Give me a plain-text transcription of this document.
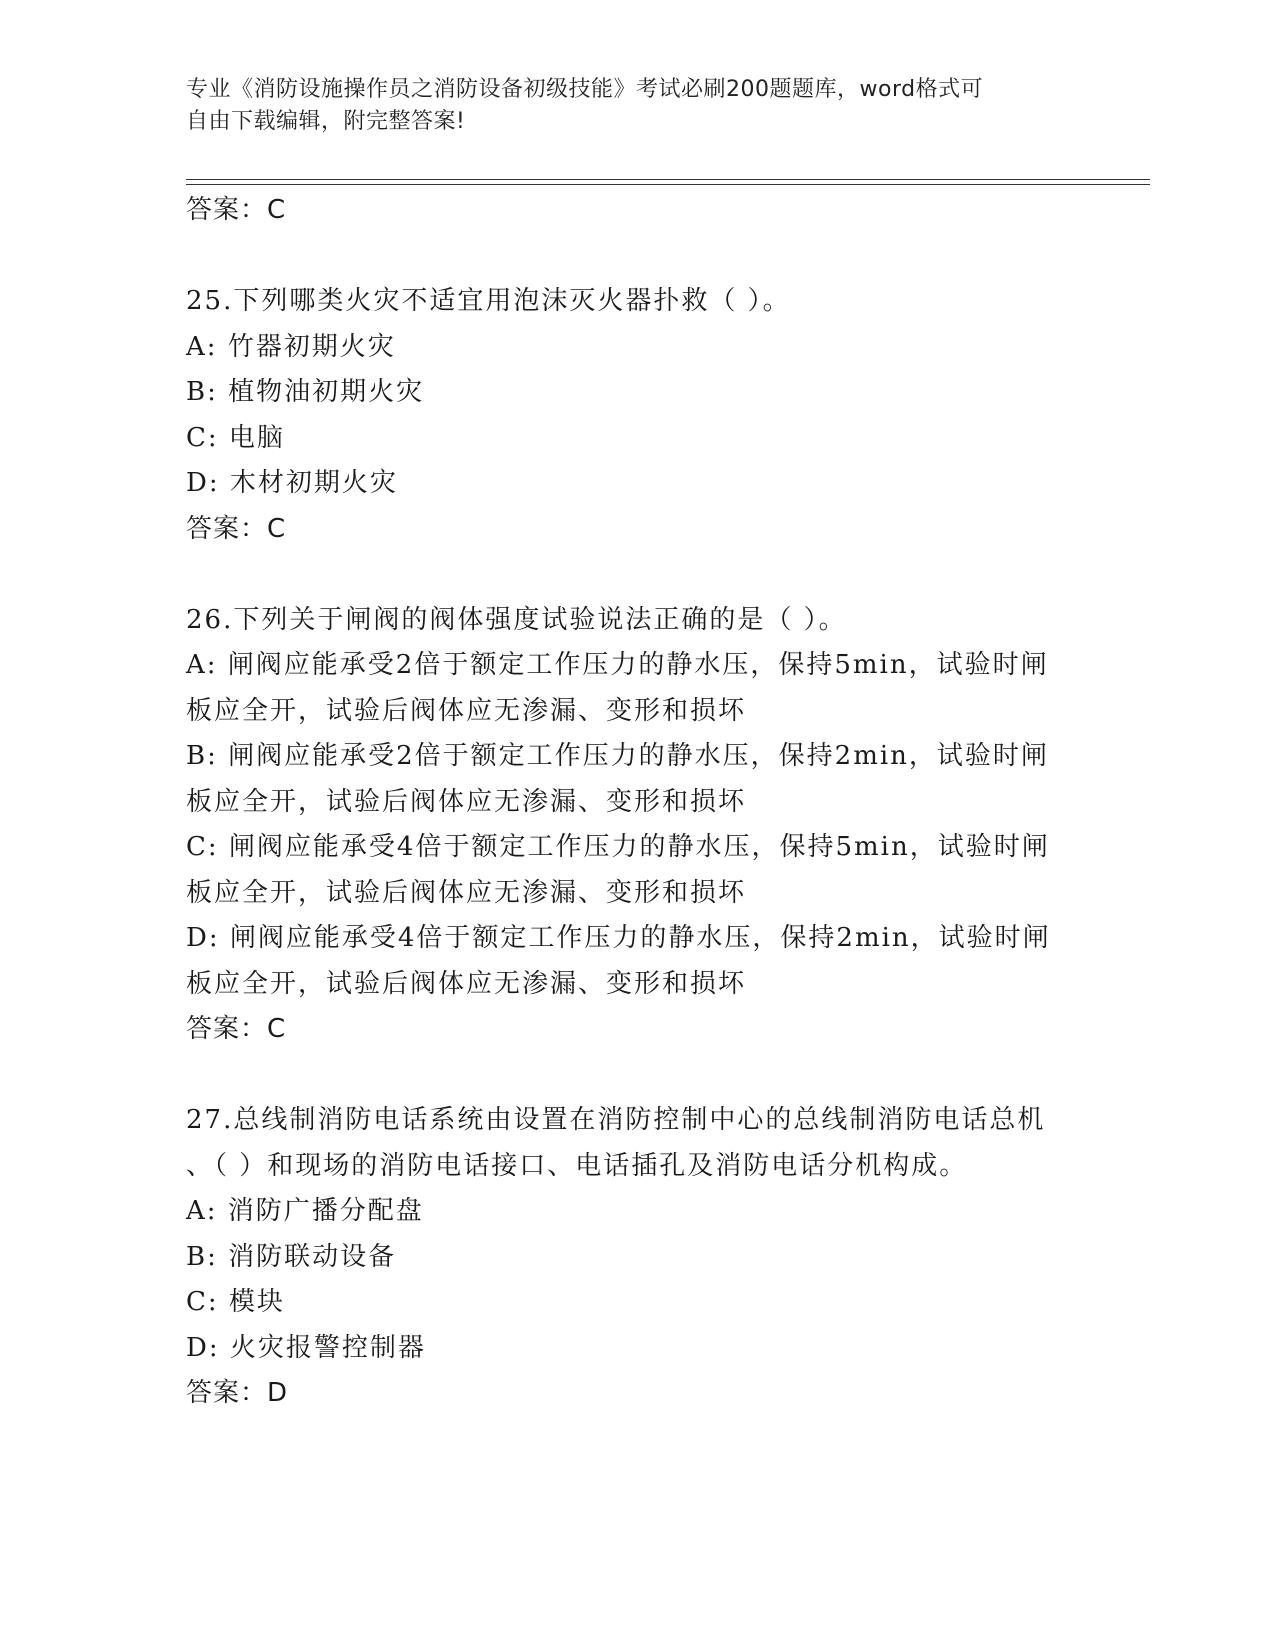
专业《消防设施操作员之消防设备初级技能》考试必刷200题题库，word格式可
自由下载编辑，附完整答案!
答案：C
25.下列哪类火灾不适宜用泡沫灭火器扑救（ ）。
A: 竹器初期火灾
B: 植物油初期火灾
C: 电脑
D: 木材初期火灾
答案：C
26.下列关于闸阀的阀体强度试验说法正确的是（ ）。
A: 闸阀应能承受2倍于额定工作压力的静水压，保持5min，试验时闸
板应全开，试验后阀体应无渗漏、变形和损坏
B: 闸阀应能承受2倍于额定工作压力的静水压，保持2min，试验时闸
板应全开，试验后阀体应无渗漏、变形和损坏
C: 闸阀应能承受4倍于额定工作压力的静水压，保持5min，试验时闸
板应全开，试验后阀体应无渗漏、变形和损坏
D: 闸阀应能承受4倍于额定工作压力的静水压，保持2min，试验时闸
板应全开，试验后阀体应无渗漏、变形和损坏
答案：C
27.总线制消防电话系统由设置在消防控制中心的总线制消防电话总机
、（ ）和现场的消防电话接口、电话插孔及消防电话分机构成。
A: 消防广播分配盘
B: 消防联动设备
C: 模块
D: 火灾报警控制器
答案：D
